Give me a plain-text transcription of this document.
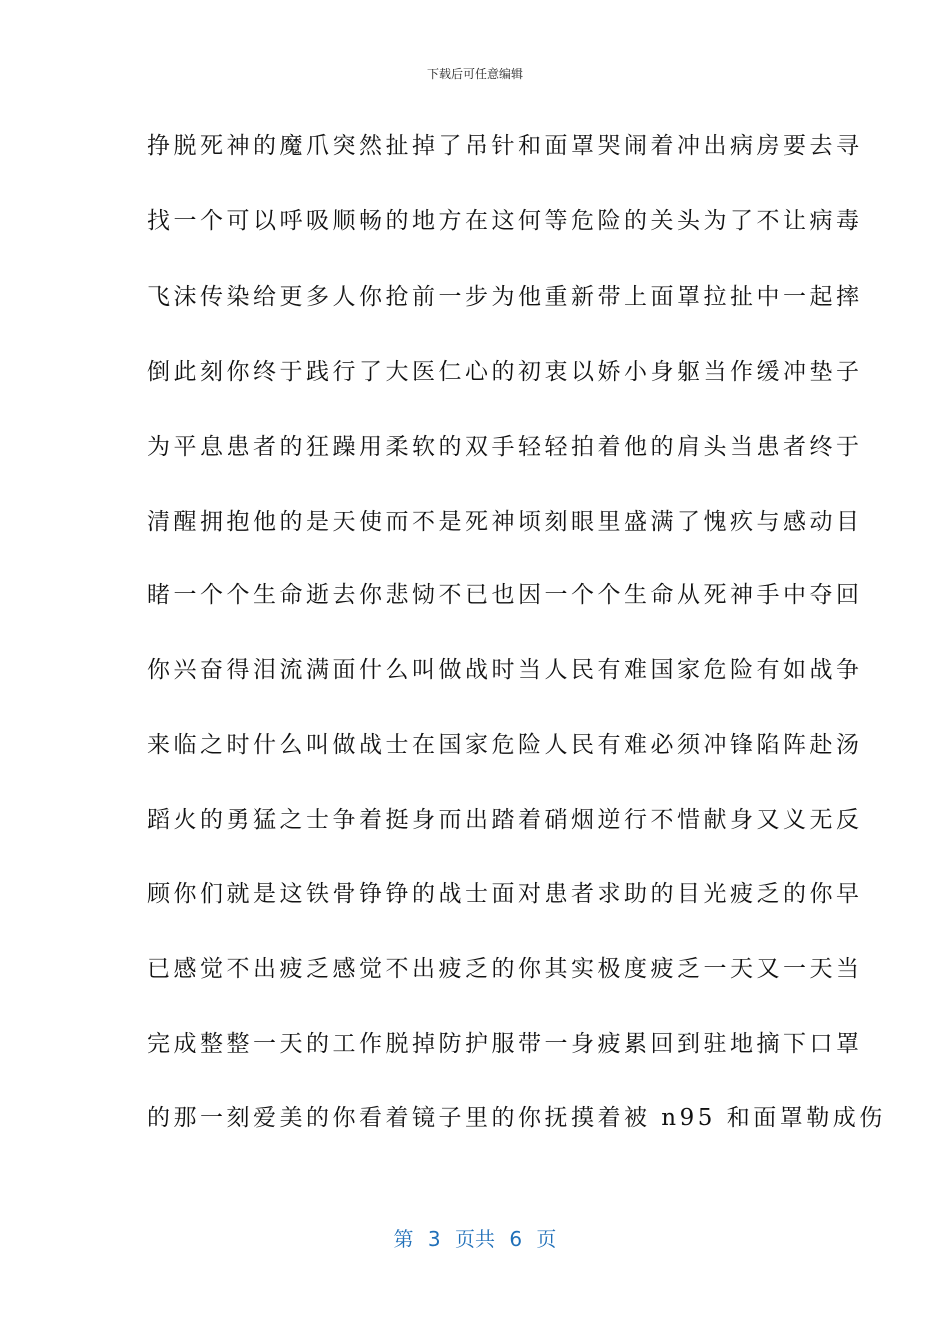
下载后可任意编辑
挣脱死神的魔爪突然扯掉了吊针和面罩哭闹着冲出病房要去寻
找一个可以呼吸顺畅的地方在这何等危险的关头为了不让病毒
飞沫传染给更多人你抢前一步为他重新带上面罩拉扯中一起摔
倒此刻你终于践行了大医仁心的初衷以娇小身躯当作缓冲垫子
为平息患者的狂躁用柔软的双手轻轻拍着他的肩头当患者终于
清醒拥抱他的是天使而不是死神顷刻眼里盛满了愧疚与感动目
睹一个个生命逝去你悲恸不已也因一个个生命从死神手中夺回
你兴奋得泪流满面什么叫做战时当人民有难国家危险有如战争
来临之时什么叫做战士在国家危险人民有难必须冲锋陷阵赴汤
蹈火的勇猛之士争着挺身而出踏着硝烟逆行不惜献身又义无反
顾你们就是这铁骨铮铮的战士面对患者求助的目光疲乏的你早
已感觉不出疲乏感觉不出疲乏的你其实极度疲乏一天又一天当
完成整整一天的工作脱掉防护服带一身疲累回到驻地摘下口罩
的那一刻爱美的你看着镜子里的你抚摸着被 n95 和面罩勒成伤
第 3 页共 6 页
